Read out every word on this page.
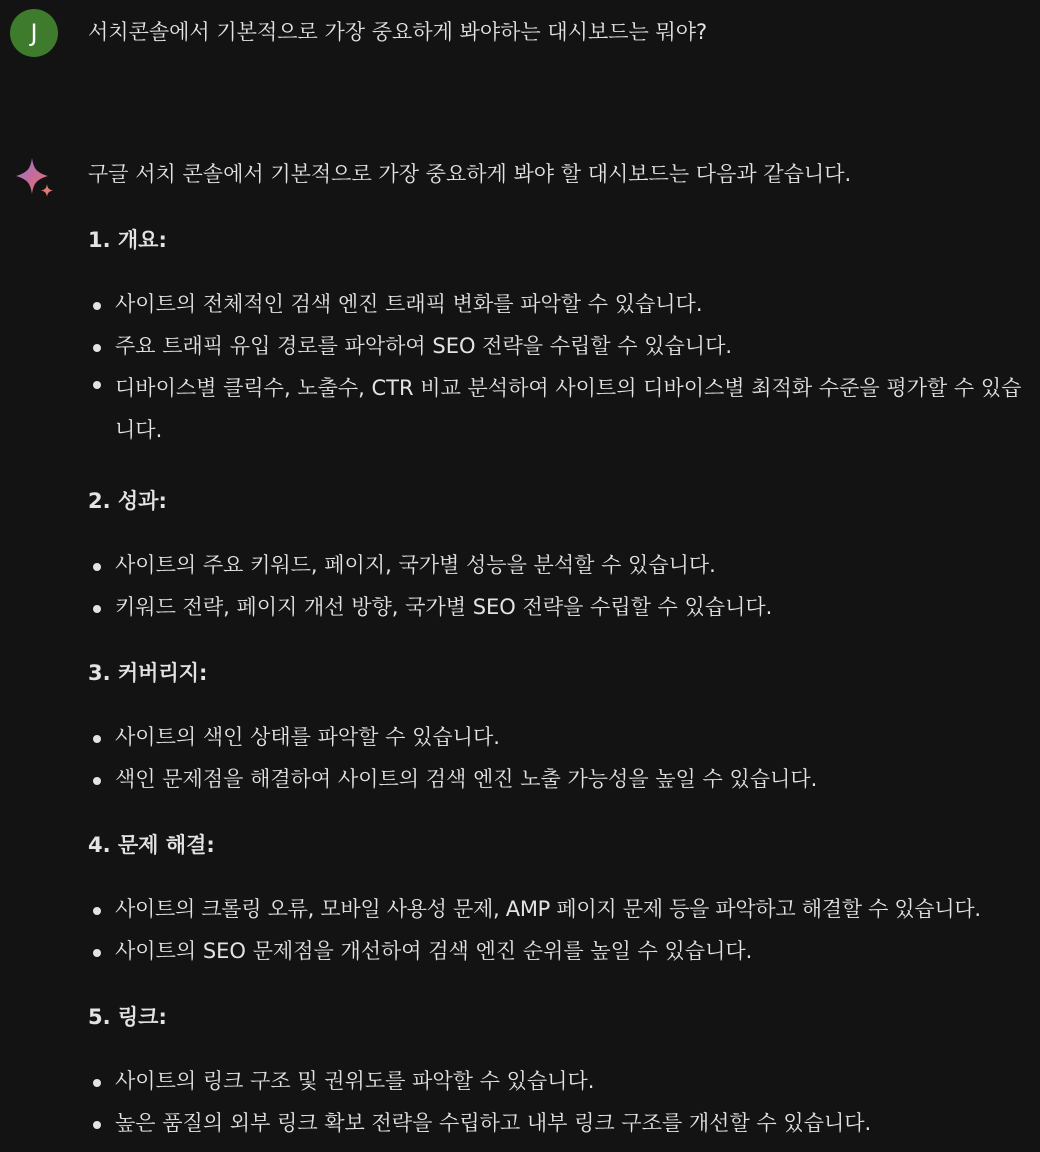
J	서치콘솔에서 기본적으로 가장 중요하게 봐야하는 대시보드는 뭐야?

구글 서치 콘솔에서 기본적으로 가장 중요하게 봐야 할 대시보드는 다음과 같습니다.

1. 개요:
사이트의 전체적인 검색 엔진 트래픽 변화를 파악할 수 있습니다.
주요 트래픽 유입 경로를 파악하여 SEO 전략을 수립할 수 있습니다.
디바이스별 클릭수, 노출수, CTR 비교 분석하여 사이트의 디바이스별 최적화 수준을 평가할 수 있습니다.
2. 성과:
사이트의 주요 키워드, 페이지, 국가별 성능을 분석할 수 있습니다.
키워드 전략, 페이지 개선 방향, 국가별 SEO 전략을 수립할 수 있습니다.
3. 커버리지:
사이트의 색인 상태를 파악할 수 있습니다.
색인 문제점을 해결하여 사이트의 검색 엔진 노출 가능성을 높일 수 있습니다.
4. 문제 해결:
사이트의 크롤링 오류, 모바일 사용성 문제, AMP 페이지 문제 등을 파악하고 해결할 수 있습니다.
사이트의 SEO 문제점을 개선하여 검색 엔진 순위를 높일 수 있습니다.
5. 링크:
사이트의 링크 구조 및 권위도를 파악할 수 있습니다.
높은 품질의 외부 링크 확보 전략을 수립하고 내부 링크 구조를 개선할 수 있습니다.
